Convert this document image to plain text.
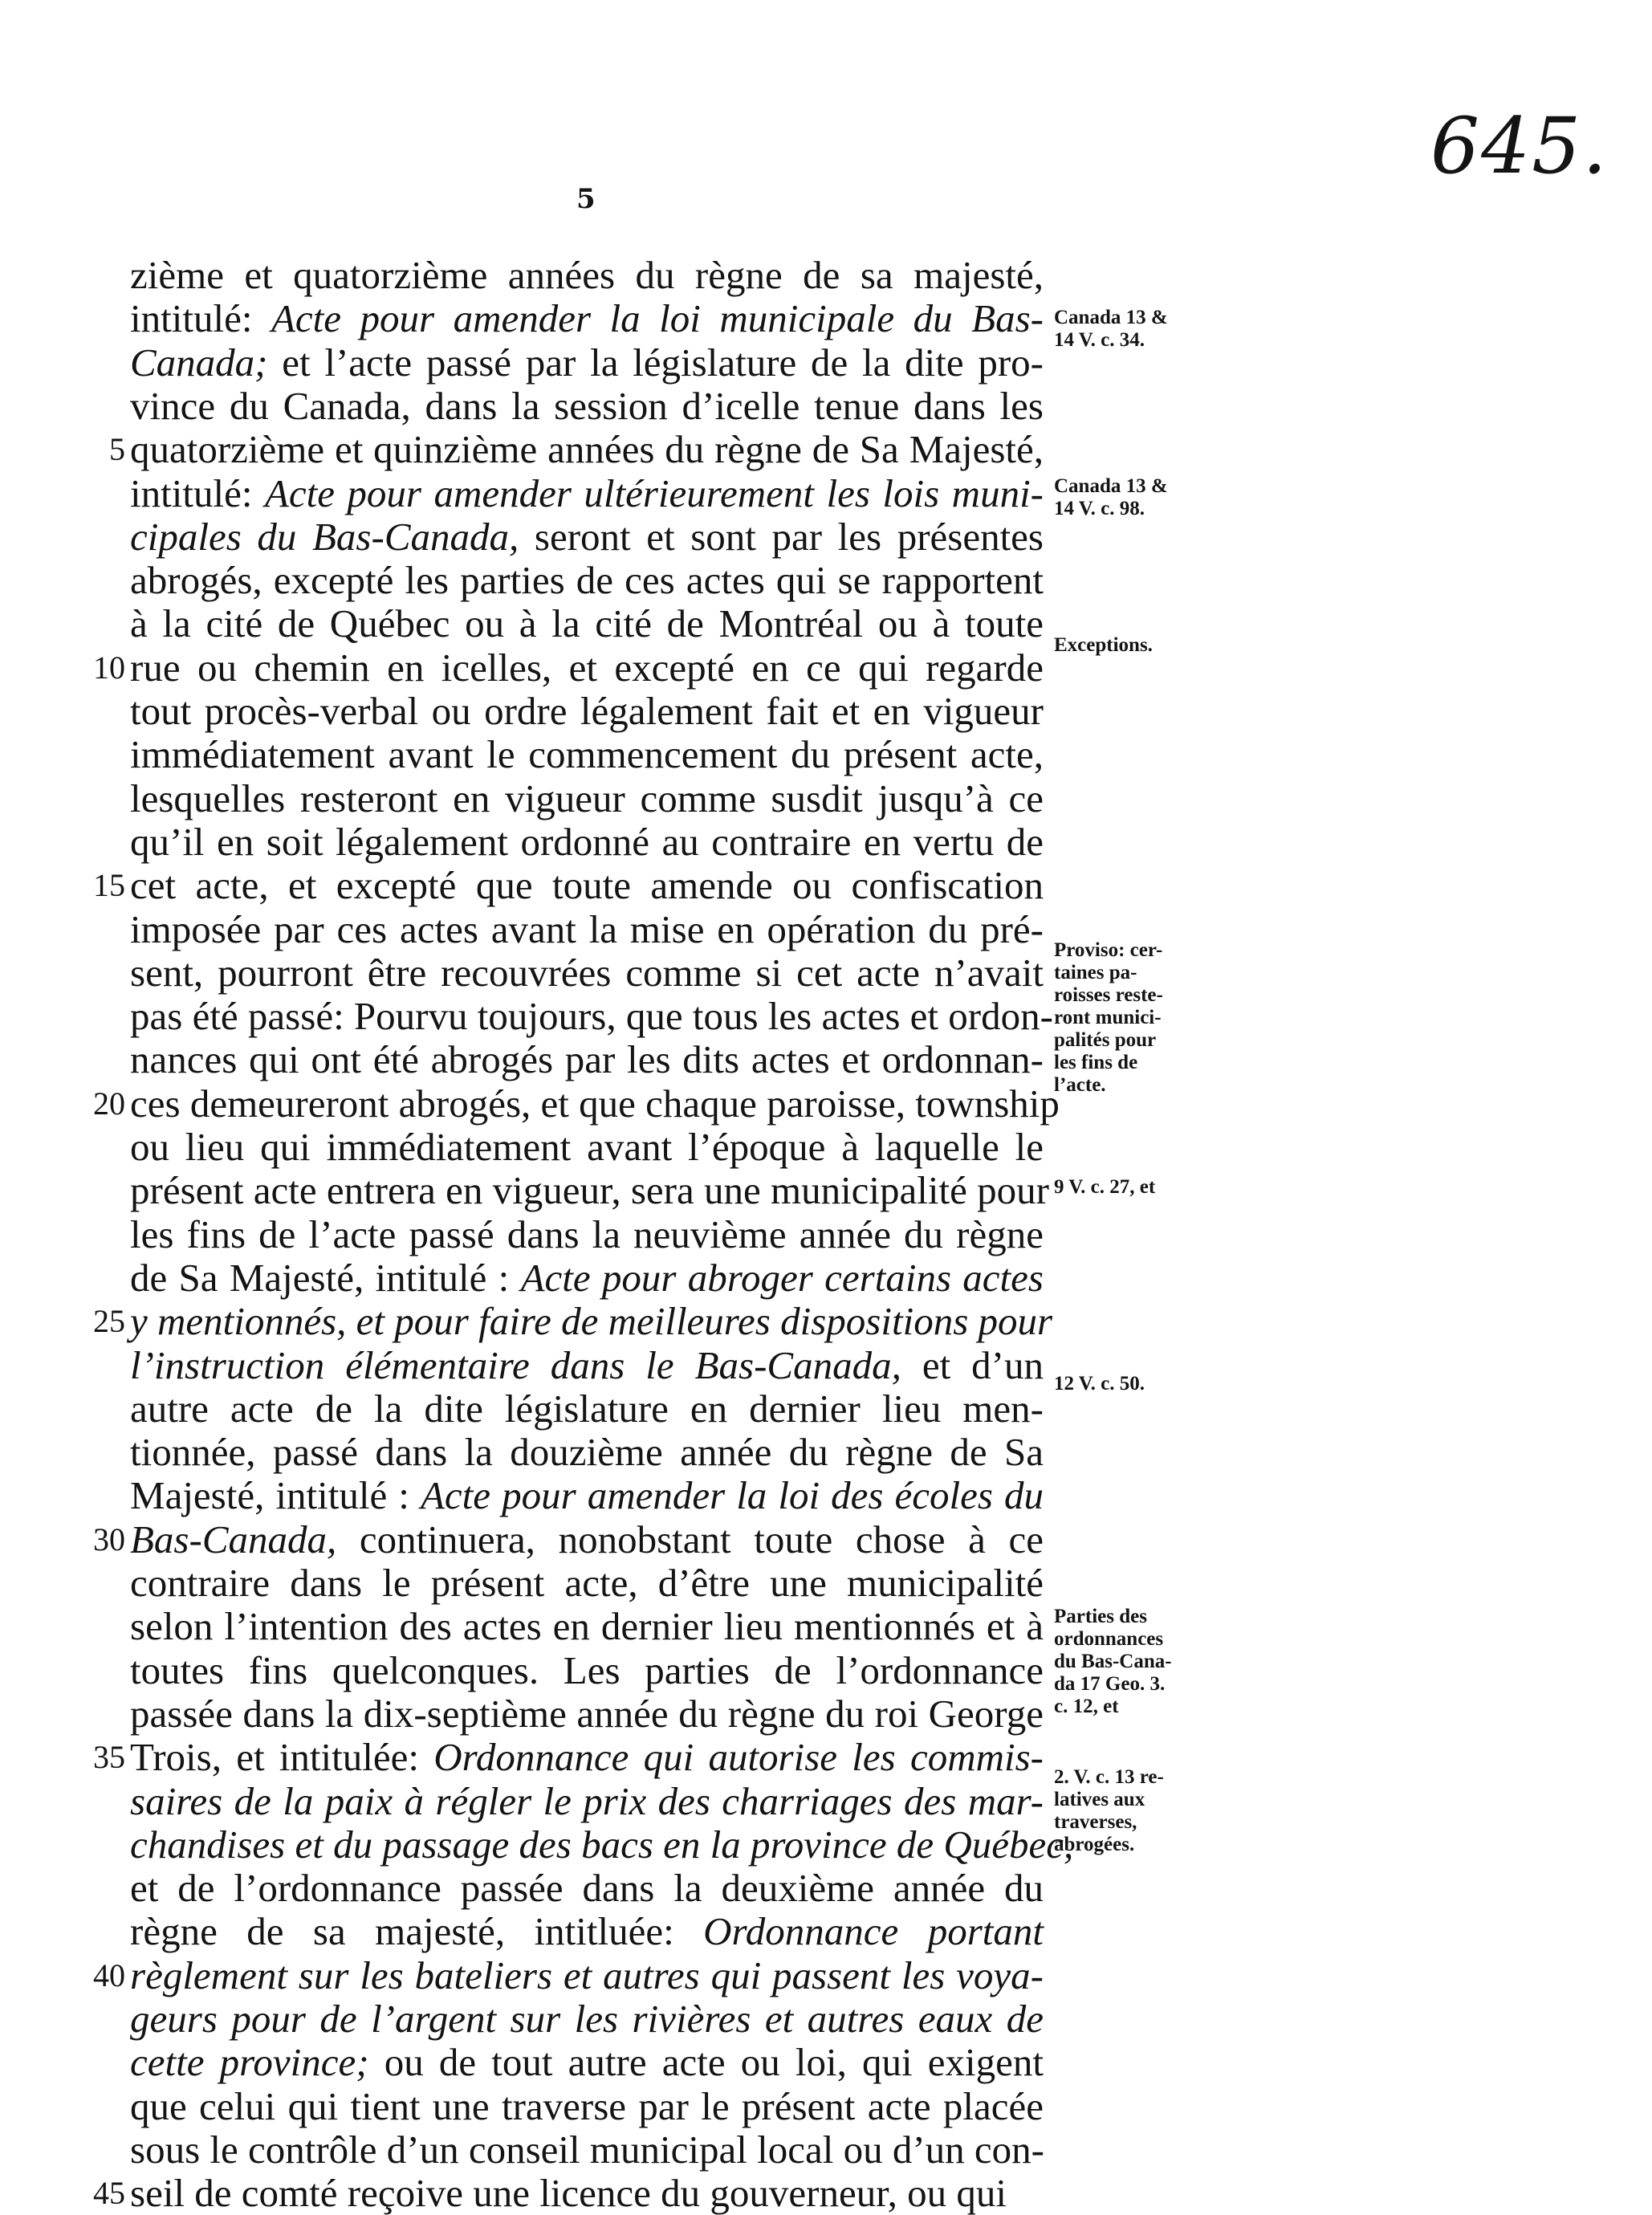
645.
5
zième et quatorzième années du règne de sa majesté,
intitulé: Acte pour amender la loi municipale du Bas-
Canada; et l’acte passé par la législature de la dite pro-
vince du Canada, dans la session d’icelle tenue dans les
quatorzième et quinzième années du règne de Sa Majesté,
intitulé: Acte pour amender ultérieurement les lois muni-
cipales du Bas-Canada, seront et sont par les présentes
abrogés, excepté les parties de ces actes qui se rapportent
à la cité de Québec ou à la cité de Montréal ou à toute
rue ou chemin en icelles, et excepté en ce qui regarde
tout procès-verbal ou ordre légalement fait et en vigueur
immédiatement avant le commencement du présent acte,
lesquelles resteront en vigueur comme susdit jusqu’à ce
qu’il en soit légalement ordonné au contraire en vertu de
cet acte, et excepté que toute amende ou confiscation
imposée par ces actes avant la mise en opération du pré-
sent, pourront être recouvrées comme si cet acte n’avait
pas été passé: Pourvu toujours, que tous les actes et ordon-
nances qui ont été abrogés par les dits actes et ordonnan-
ces demeureront abrogés, et que chaque paroisse, township
ou lieu qui immédiatement avant l’époque à laquelle le
présent acte entrera en vigueur, sera une municipalité pour
les fins de l’acte passé dans la neuvième année du règne
de Sa Majesté, intitulé : Acte pour abroger certains actes
y mentionnés, et pour faire de meilleures dispositions pour
l’instruction élémentaire dans le Bas-Canada, et d’un
autre acte de la dite législature en dernier lieu men-
tionnée, passé dans la douzième année du règne de Sa
Majesté, intitulé : Acte pour amender la loi des écoles du
Bas-Canada, continuera, nonobstant toute chose à ce
contraire dans le présent acte, d’être une municipalité
selon l’intention des actes en dernier lieu mentionnés et à
toutes fins quelconques. Les parties de l’ordonnance
passée dans la dix-septième année du règne du roi George
Trois, et intitulée: Ordonnance qui autorise les commis-
saires de la paix à régler le prix des charriages des mar-
chandises et du passage des bacs en la province de Québec,
et de l’ordonnance passée dans la deuxième année du
règne de sa majesté, intitluée: Ordonnance portant
règlement sur les bateliers et autres qui passent les voya-
geurs pour de l’argent sur les rivières et autres eaux de
cette province; ou de tout autre acte ou loi, qui exigent
que celui qui tient une traverse par le présent acte placée
sous le contrôle d’un conseil municipal local ou d’un con-
seil de comté reçoive une licence du gouverneur, ou qui
5
10
15
20
25
30
35
40
45
Canada 13 &
14 V. c. 34.
Canada 13 &
14 V. c. 98.
Exceptions.
Proviso: cer-
taines pa-
roisses reste-
ront munici-
palités pour
les fins de
l’acte.
9 V. c. 27, et
12 V. c. 50.
Parties des
ordonnances
du Bas-Cana-
da 17 Geo. 3.
c. 12, et
2. V. c. 13 re-
latives aux
traverses,
abrogées.
